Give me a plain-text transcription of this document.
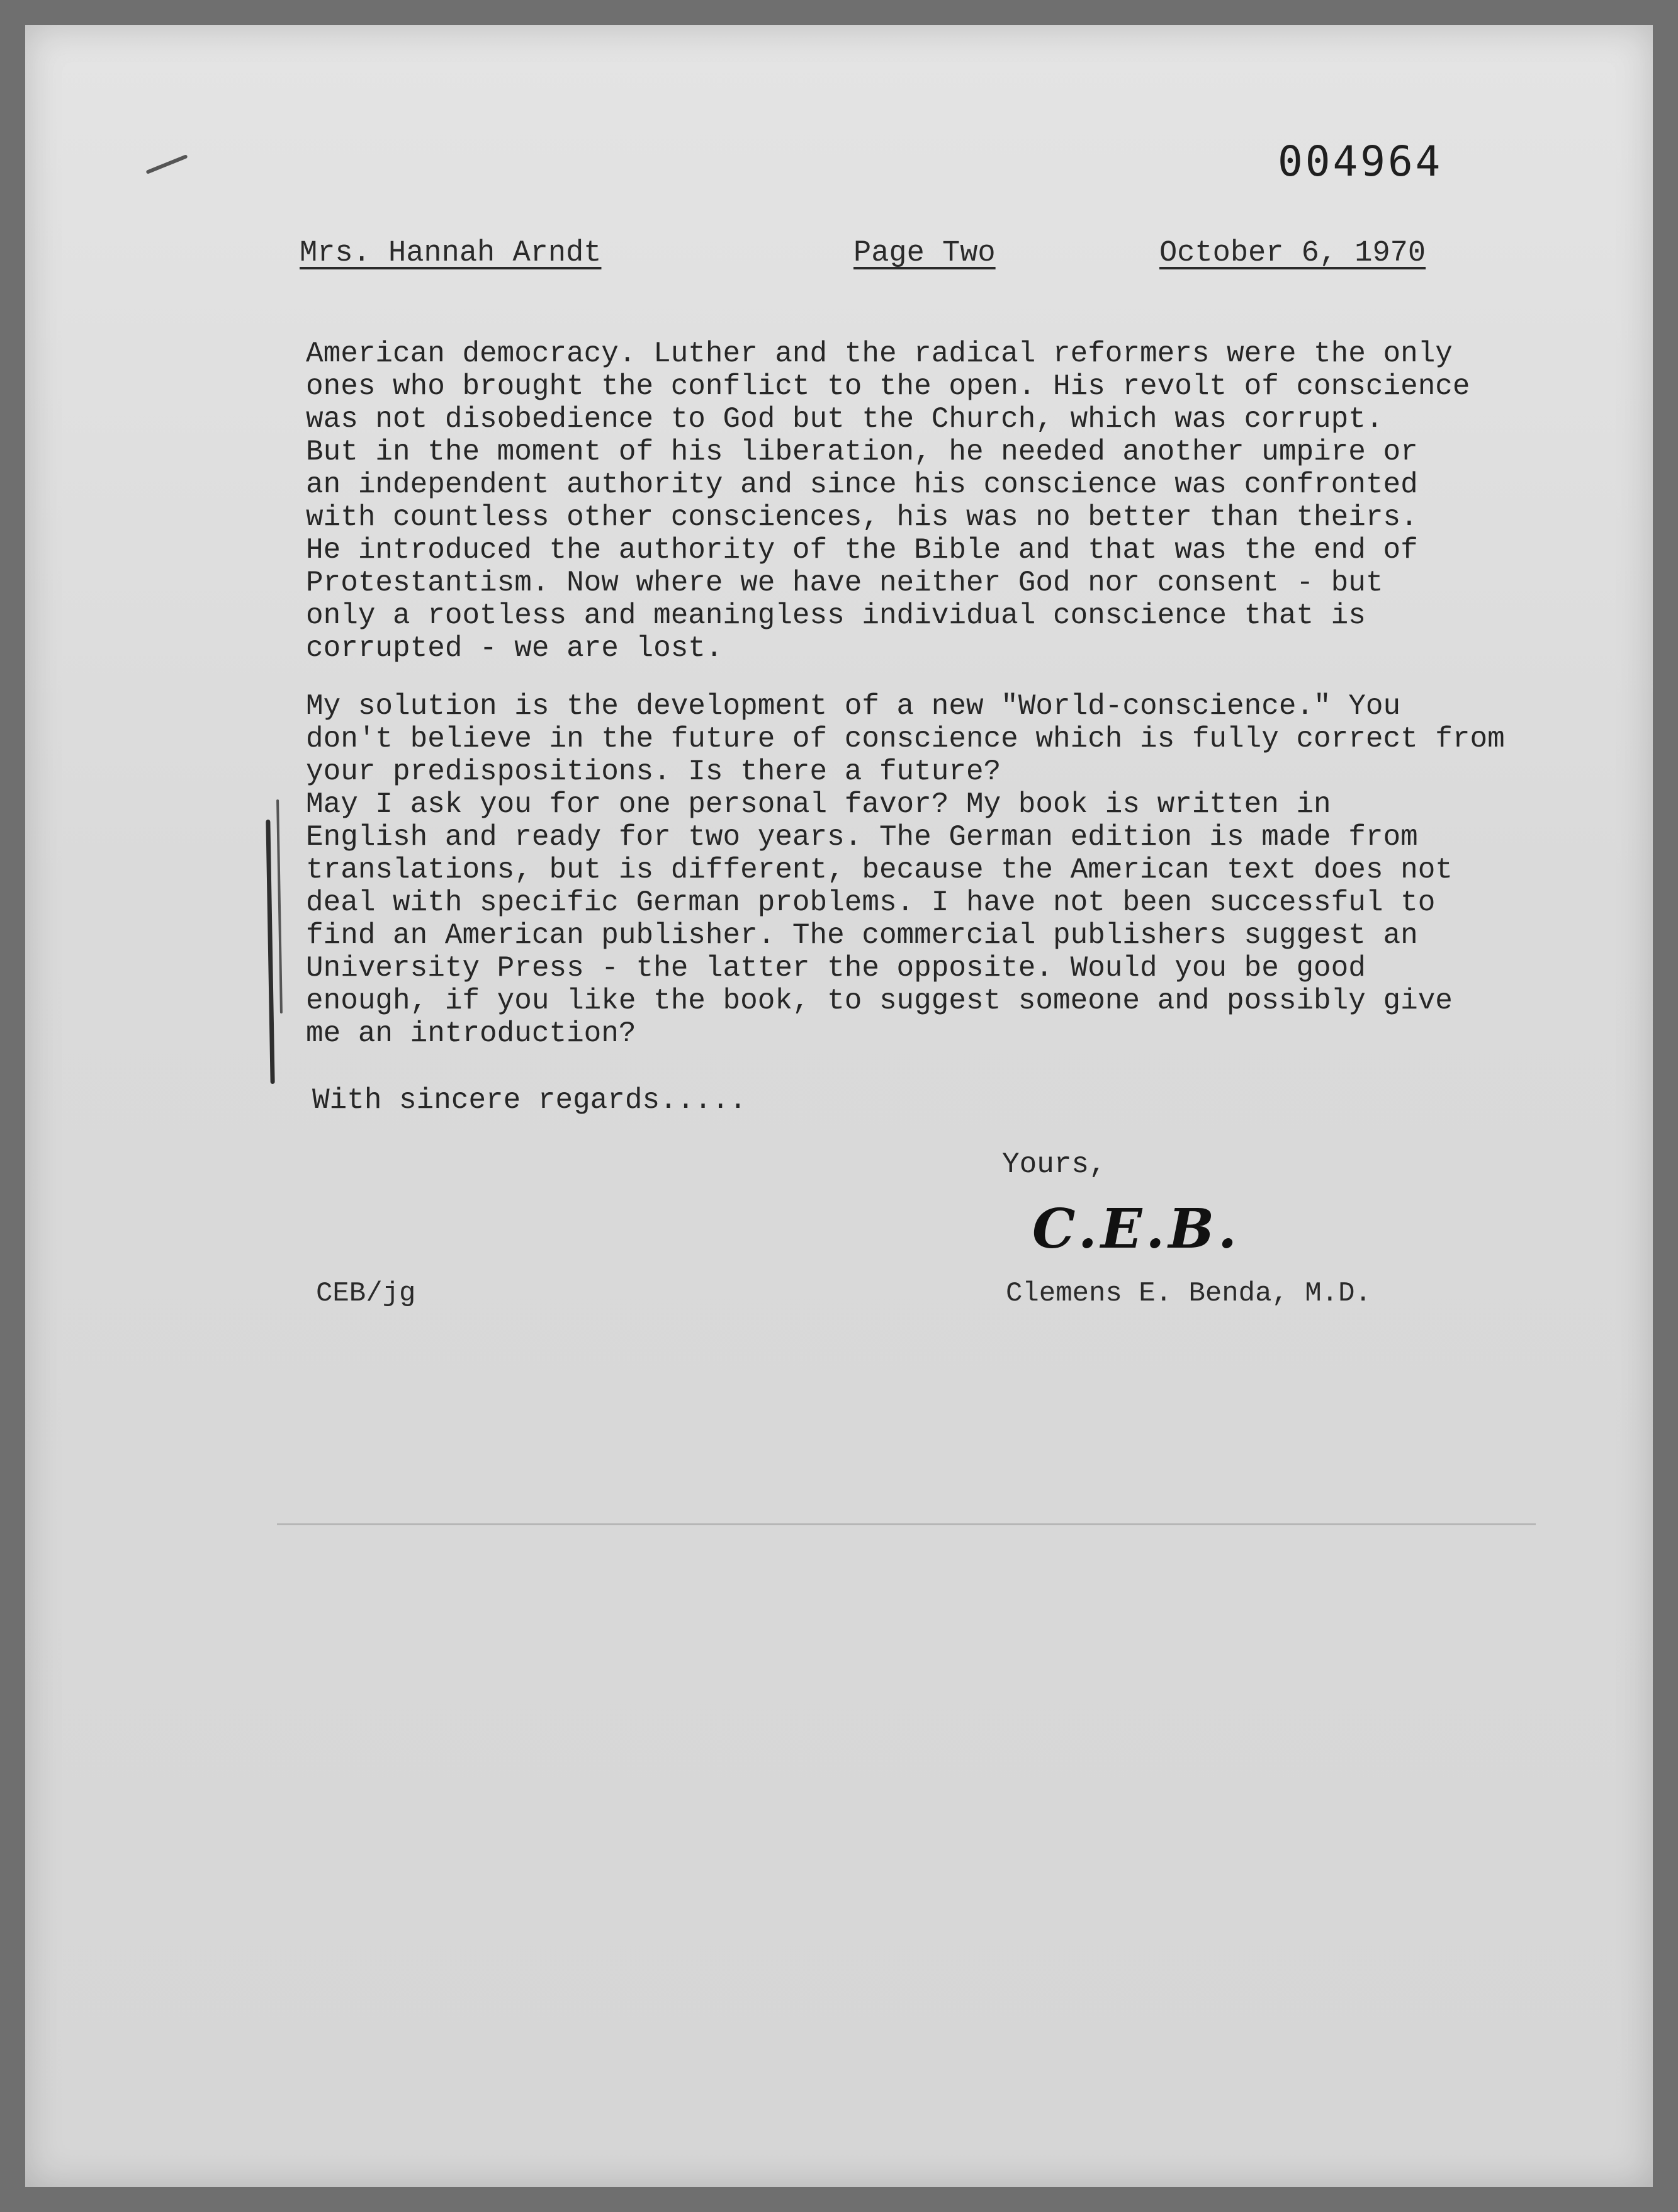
004964
Mrs. Hannah Arndt	Page Two	October 6, 1970
American democracy. Luther and the radical reformers were the only
ones who brought the conflict to the open. His revolt of conscience
was not disobedience to God but the Church, which was corrupt.
But in the moment of his liberation, he needed another umpire or
an independent authority and since his conscience was confronted
with countless other consciences, his was no better than theirs.
He introduced the authority of the Bible and that was the end of
Protestantism. Now where we have neither God nor consent - but
only a rootless and meaningless individual conscience that is
corrupted - we are lost.
My solution is the development of a new "World-conscience." You
don't believe in the future of conscience which is fully correct from
your predispositions. Is there a future?
May I ask you for one personal favor? My book is written in
English and ready for two years. The German edition is made from
translations, but is different, because the American text does not
deal with specific German problems. I have not been successful to
find an American publisher. The commercial publishers suggest an
University Press - the latter the opposite. Would you be good
enough, if you like the book, to suggest someone and possibly give
me an introduction?
With sincere regards.....
Yours,
C.E.B.
CEB/jg	Clemens E. Benda, M.D.
